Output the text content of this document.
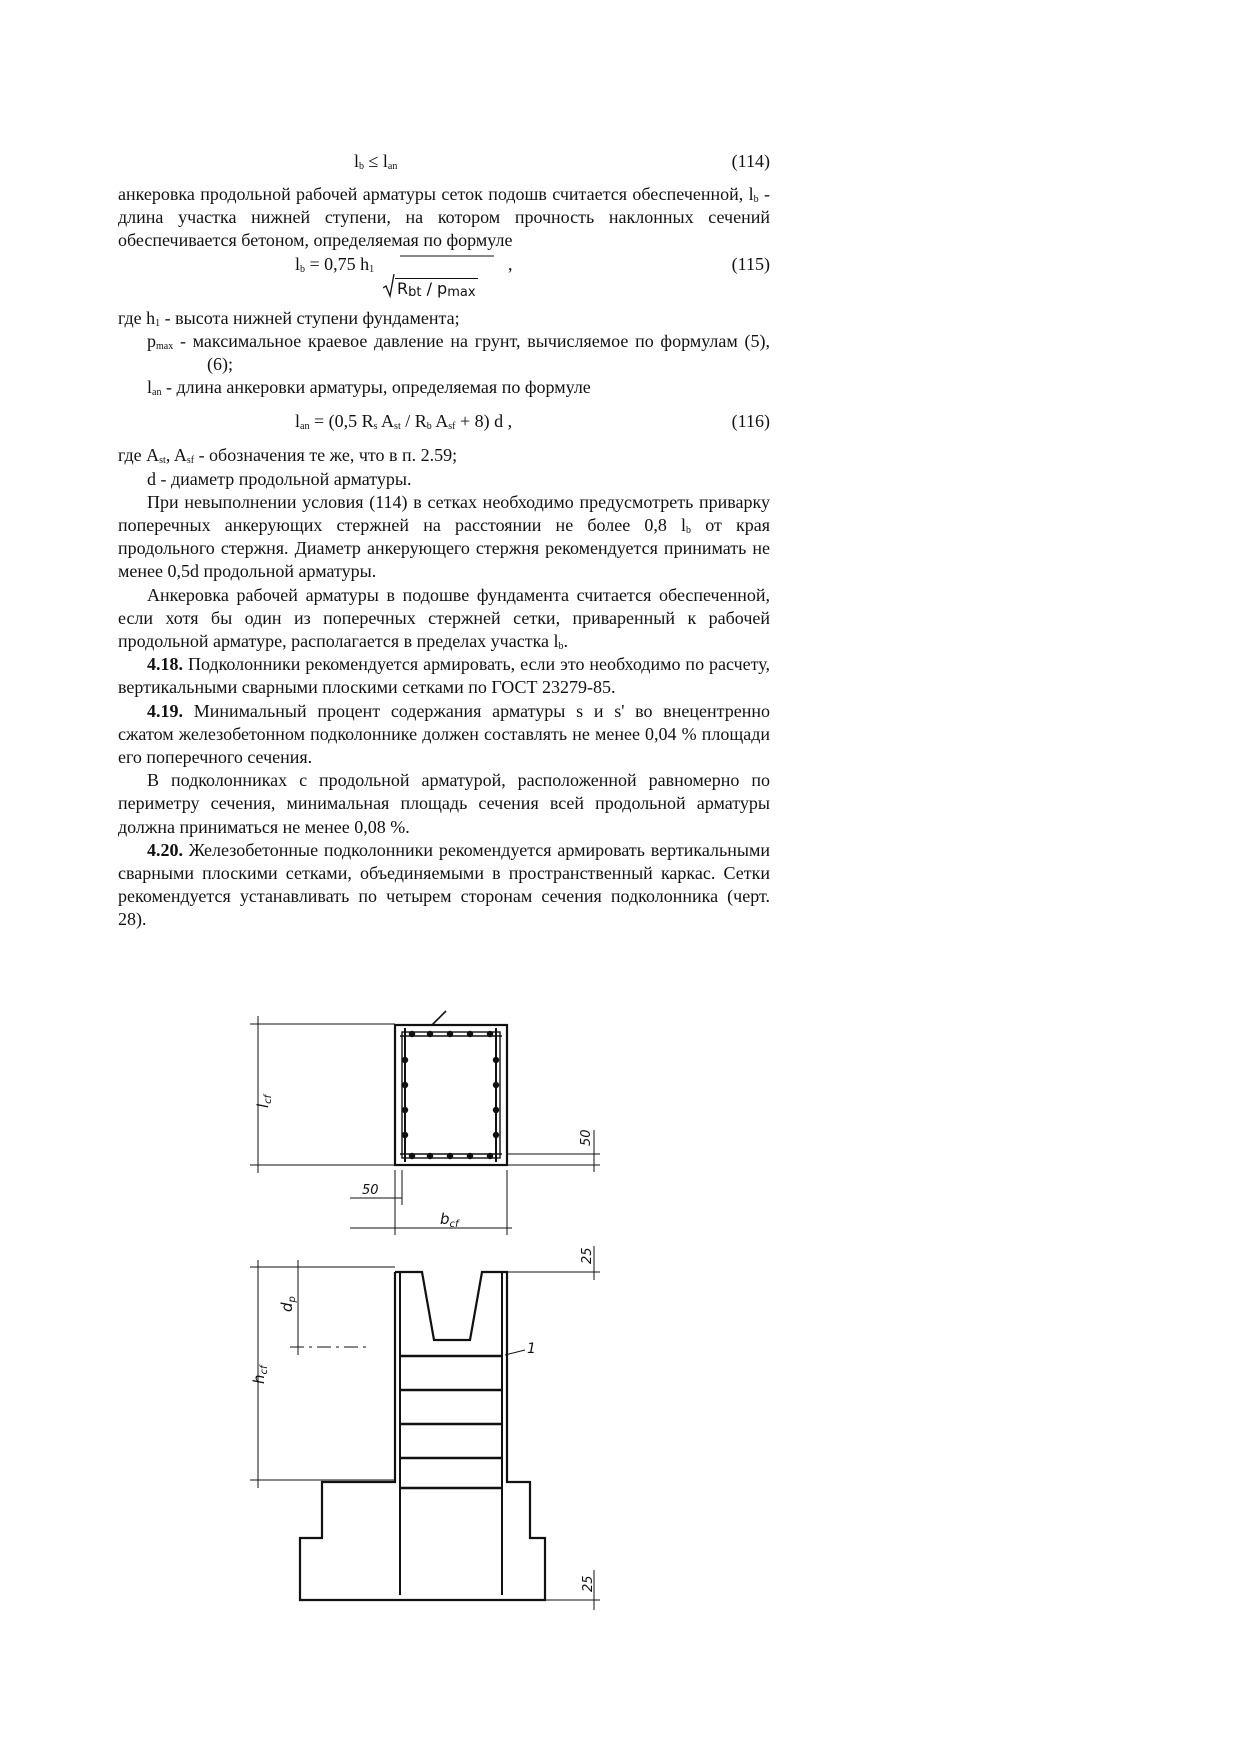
$l_b \le l_{an}$	(114)

анкеровка продольной рабочей арматуры сеток подошв считается обеспеченной, $l_b$ - длина участка нижней ступени, на котором прочность наклонных сечений обеспечивается бетоном, определяемая по формуле

$l_b = 0,75$ $h_1$	,	(115)
$R_{bt} / p_{max}$

где $h_1$ - высота нижней ступени фундамента;

$p_{max}$ - максимальное краевое давление на грунт, вычисляемое по формулам (5), (6);

$l_{an}$ - длина анкеровки арматуры, определяемая по формуле

$l_{an} = (0,5$ $R_s$ $A_{st} / R_b$ $A_{sf} + 8$) d ,	(116)

где $A_{st}$, $A_{sf}$ - обозначения те же, что в п. 2.59;

d - диаметр продольной арматуры.

При невыполнении условия (114) в сетках необходимо предусмотреть приварку поперечных анкерующих стержней на расстоянии не более 0,8 $l_b$ от края продольного стержня. Диаметр анкерующего стержня рекомендуется принимать не менее 0,5d продольной арматуры.

Анкеровка рабочей арматуры в подошве фундамента считается обеспеченной, если хотя бы один из поперечных стержней сетки, приваренный к рабочей продольной арматуре, располагается в пределах участка $l_b$.

4.18. Подколонники рекомендуется армировать, если это необходимо по расчету, вертикальными сварными плоскими сетками по ГОСТ 23279-85.

4.19. Минимальный процент содержания арматуры s и s' во внецентренно сжатом железобетонном подколоннике должен составлять не менее 0,04 % площади его поперечного сечения.

В подколонниках с продольной арматурой, расположенной равномерно по периметру сечения, минимальная площадь сечения всей продольной арматуры должна приниматься не менее 0,08 %.

4.20. Железобетонные подколонники рекомендуется армировать вертикальными сварными плоскими сетками, объединяемыми в пространственный каркас. Сетки рекомендуется устанавливать по четырем сторонам сечения подколонника (черт. 28).

$l_{cf}$
50
50
$b_{cf}$
25
$d_p$
$h_{cf}$
1
25
